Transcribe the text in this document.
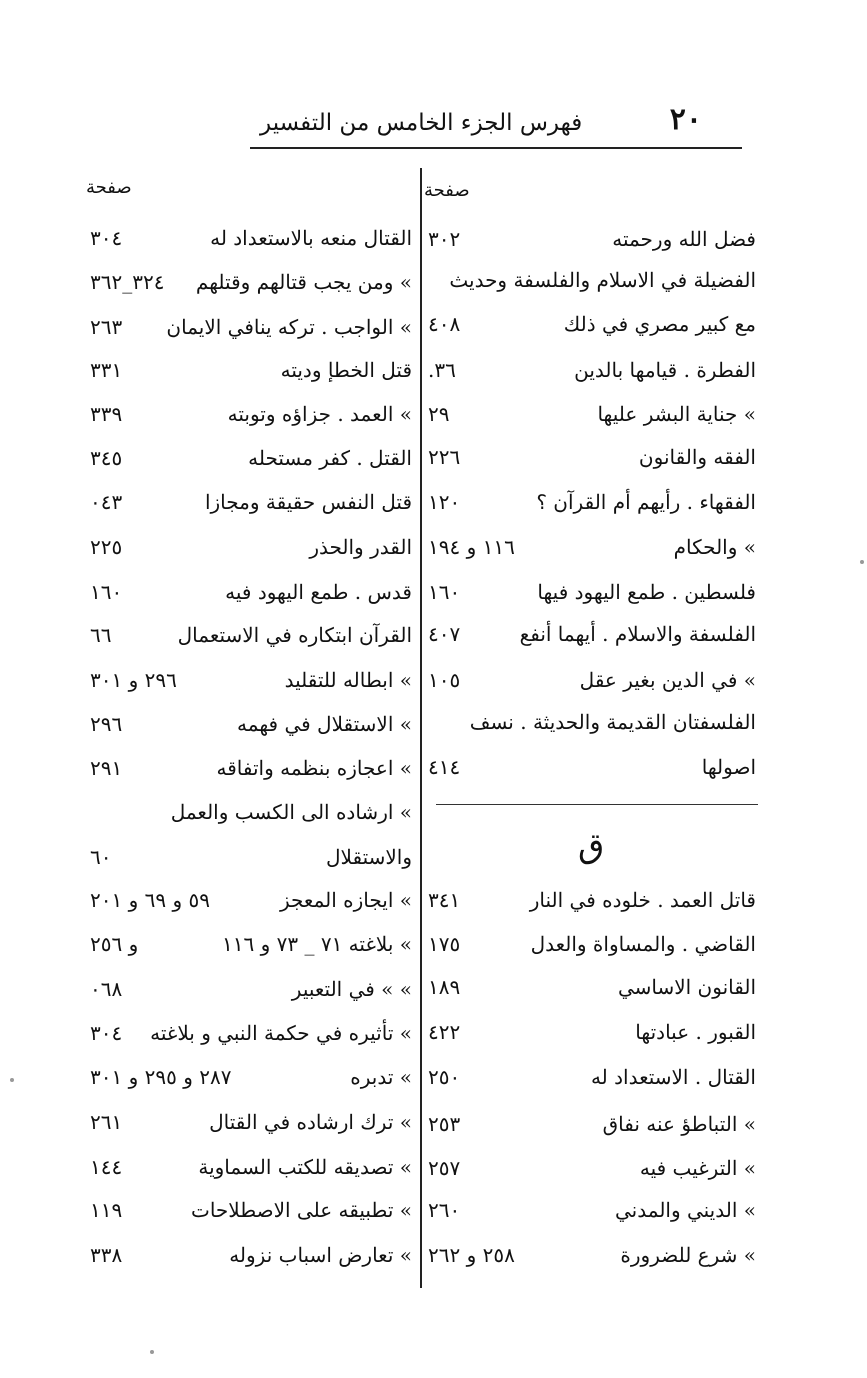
٢٠
فهرس الجزء الخامس من التفسير
صفحة
صفحة
ق
فضل الله ورحمته
٣٠٢
الفضيلة في الاسلام والفلسفة وحديث
مع كبير مصري في ذلك
٤٠٨
الفطرة . قيامها بالدين
٣٦.
» جناية البشر عليها
٢٩
الفقه والقانون
٢٢٦
الفقهاء . رأيهم أم القرآن ؟
١٢٠
» والحكام
١١٦ و ١٩٤
فلسطين . طمع اليهود فيها
١٦٠
الفلسفة والاسلام . أيهما أنفع
٤٠٧
» في الدين بغير عقل
١٠٥
الفلسفتان القديمة والحديثة . نسف
اصولها
٤١٤
قاتل العمد . خلوده في النار
٣٤١
القاضي . والمساواة والعدل
١٧٥
القانون الاساسي
١٨٩
القبور . عبادتها
٤٢٢
القتال . الاستعداد له
٢٥٠
» التباطؤ عنه نفاق
٢٥٣
» الترغيب فيه
٢٥٧
» الديني والمدني
٢٦٠
» شرع للضرورة
٢٥٨ و ٢٦٢
القتال منعه بالاستعداد له
٣٠٤
» ومن يجب قتالهم وقتلهم
٣٢٤_٣٦٢
» الواجب . تركه ينافي الايمان
٢٦٣
قتل الخطإ وديته
٣٣١
» العمد . جزاؤه وتوبته
٣٣٩
القتل . كفر مستحله
٣٤٥
قتل النفس حقيقة ومجازا
٠٤٣
القدر والحذر
٢٢٥
قدس . طمع اليهود فيه
١٦٠
القرآن ابتكاره في الاستعمال
٦٦
» ابطاله للتقليد
٢٩٦ و ٣٠١
» الاستقلال في فهمه
٢٩٦
» اعجازه بنظمه واتفاقه
٢٩١
» ارشاده الى الكسب والعمل
والاستقلال
٦٠
» ايجازه المعجز
٥٩ و ٦٩ و ٢٠١
» بلاغته ٧١ _ ٧٣ و ١١٦
و ٢٥٦
» » في التعبير
٠٦٨
» تأثيره في حكمة النبي و بلاغته
٣٠٤
» تدبره
٢٨٧ و ٢٩٥ و ٣٠١
» ترك ارشاده في القتال
٢٦١
» تصديقه للكتب السماوية
١٤٤
» تطبيقه على الاصطلاحات
١١٩
» تعارض اسباب نزوله
٣٣٨
